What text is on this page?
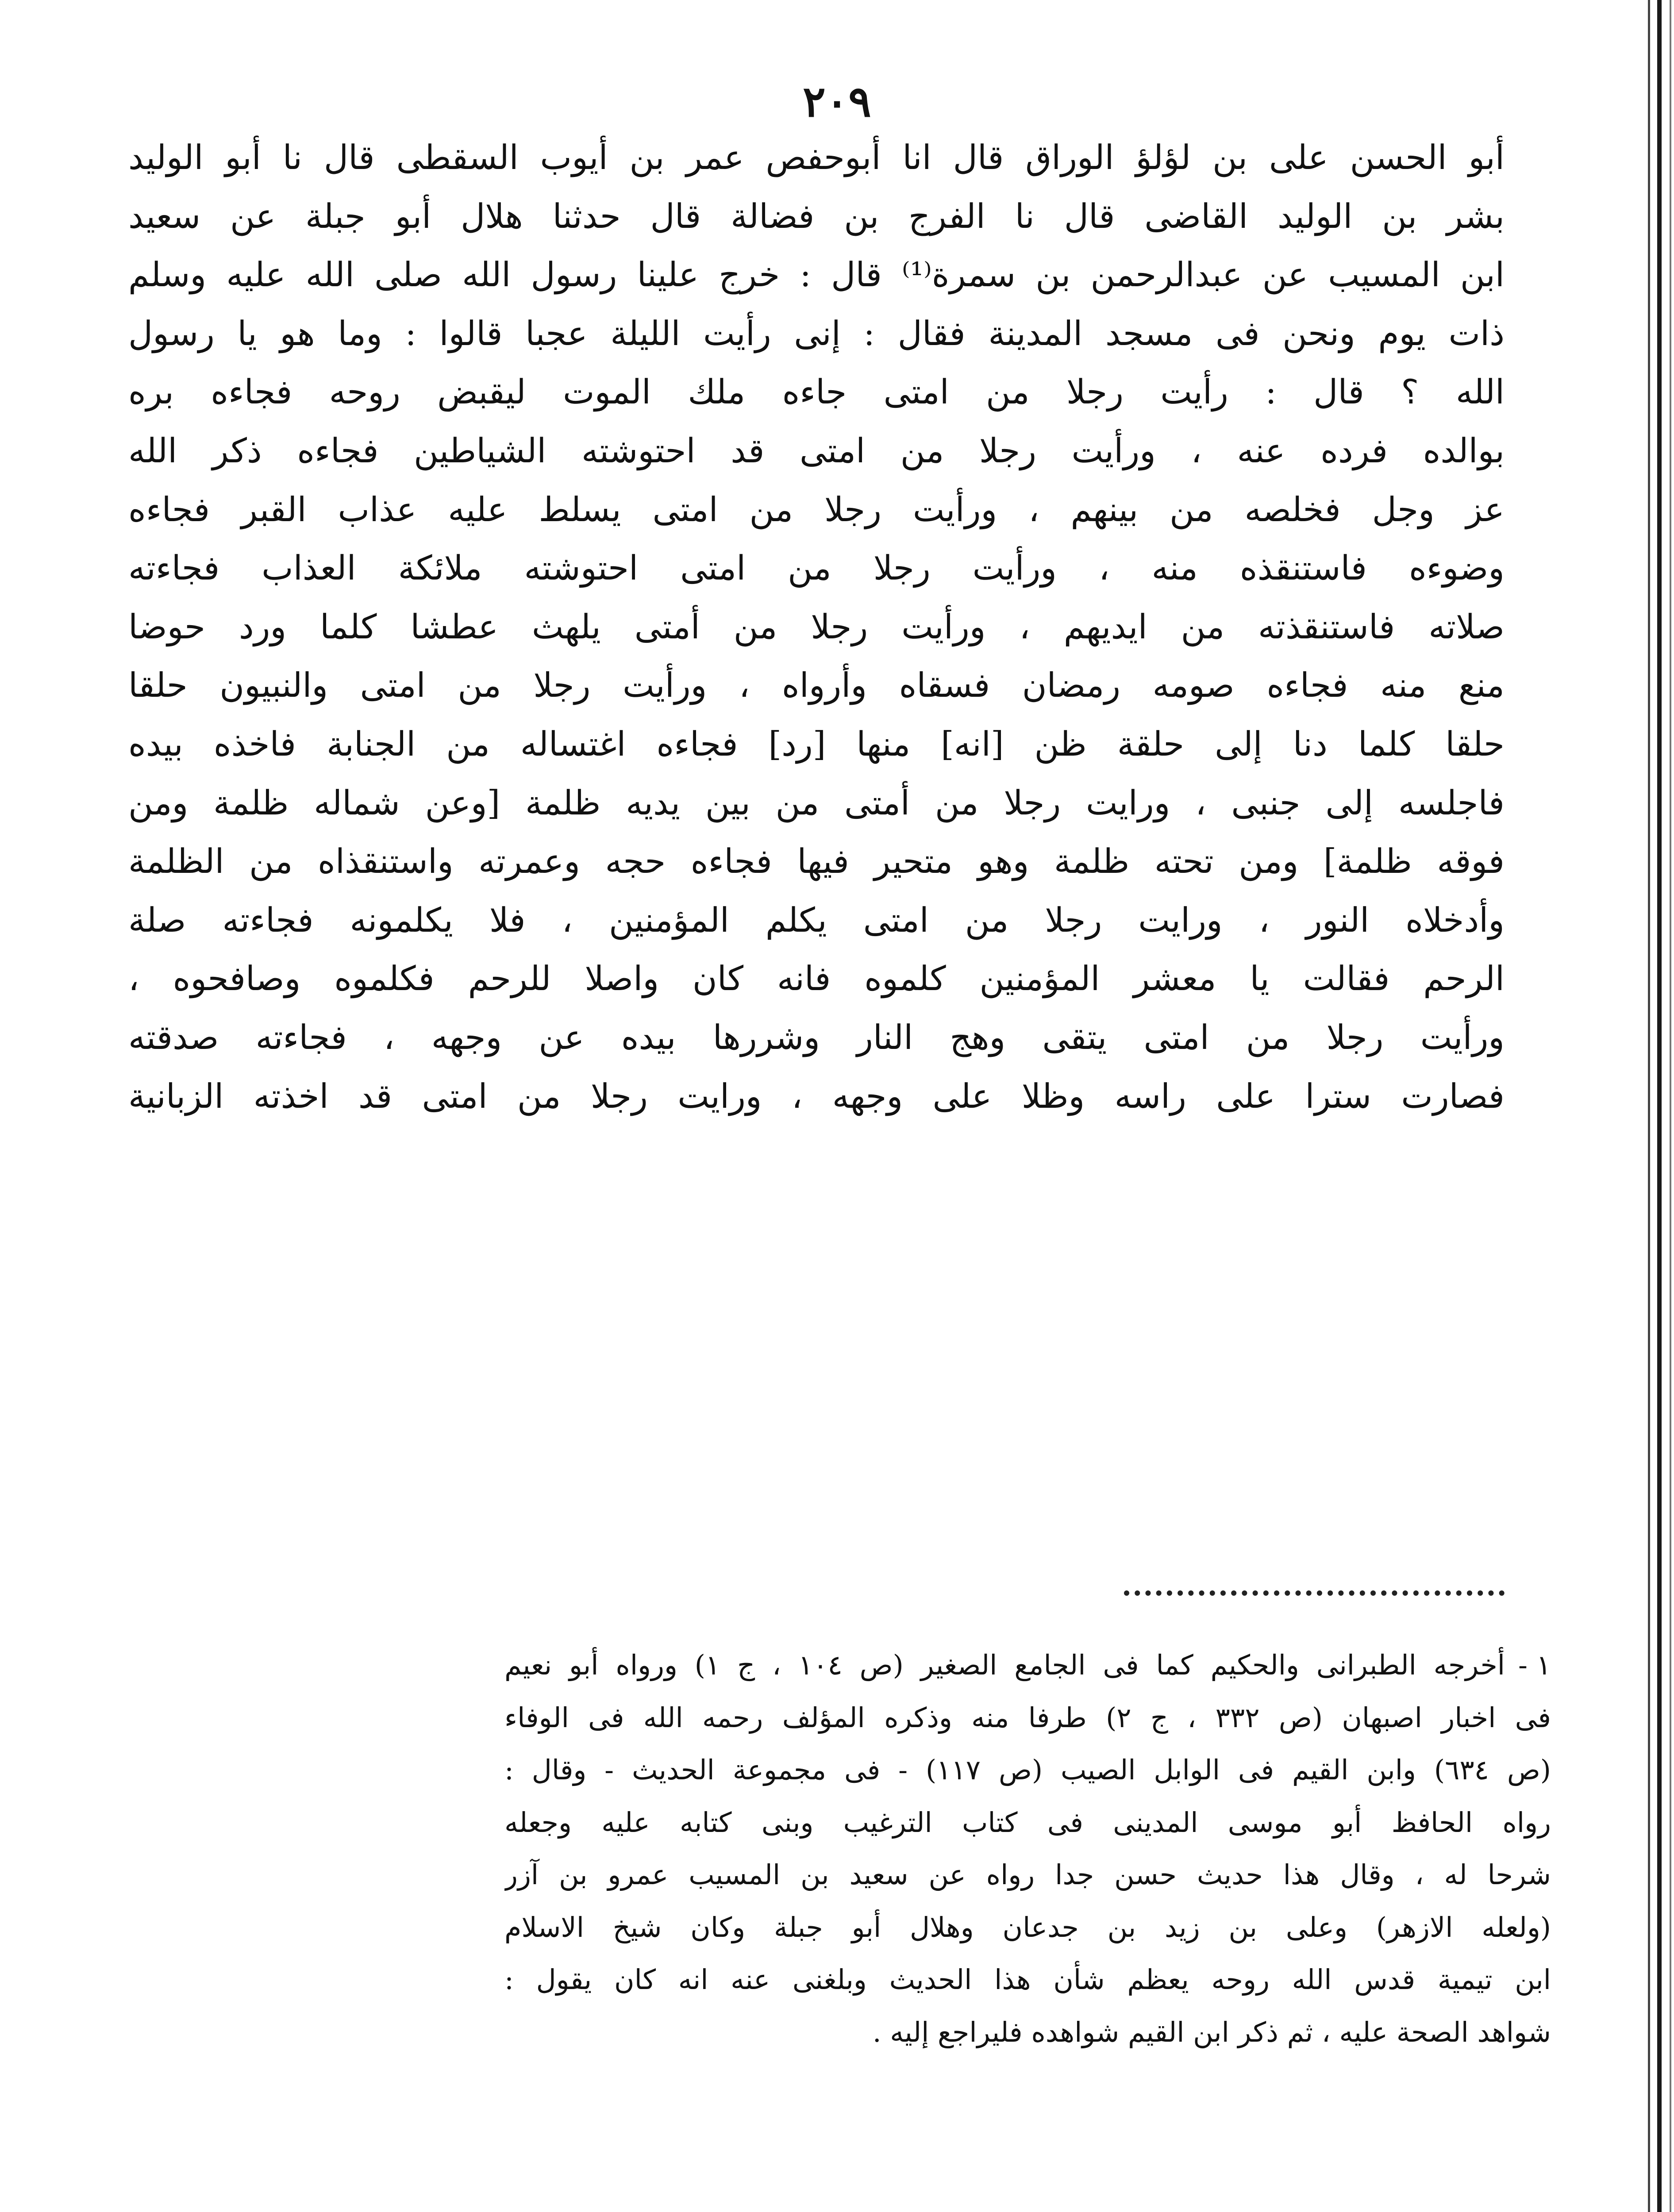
٢٠٩
أبو الحسن على بن لؤلؤ الوراق قال انا أبوحفص عمر بن أيوب السقطى قال نا أبو الوليد
بشر بن الوليد القاضى قال نا الفرج بن فضالة قال حدثنا هلال أبو جبلة عن سعيد
ابن المسيب عن عبدالرحمن بن سمرة⁽¹⁾ قال : خرج علينا رسول الله صلى الله عليه وسلم
ذات يوم ونحن فى مسجد المدينة فقال : إنى رأيت الليلة عجبا قالوا : وما هو يا رسول
الله ؟ قال : رأيت رجلا من امتى جاءه ملك الموت ليقبض روحه فجاءه بره
بوالده فرده عنه ، ورأيت رجلا من امتى قد احتوشته الشياطين فجاءه ذكر الله
عز وجل فخلصه من بينهم ، ورأيت رجلا من امتى يسلط عليه عذاب القبر فجاءه
وضوءه فاستنقذه منه ، ورأيت رجلا من امتى احتوشته ملائكة العذاب فجاءته
صلاته فاستنقذته من ايديهم ، ورأيت رجلا من أمتى يلهث عطشا كلما ورد حوضا
منع منه فجاءه صومه رمضان فسقاه وأرواه ، ورأيت رجلا من امتى والنبيون حلقا
حلقا كلما دنا إلى حلقة ظن [انه] منها [رد] فجاءه اغتساله من الجنابة فاخذه بيده
فاجلسه إلى جنبى ، ورايت رجلا من أمتى من بين يديه ظلمة [وعن شماله ظلمة ومن
فوقه ظلمة] ومن تحته ظلمة وهو متحير فيها فجاءه حجه وعمرته واستنقذاه من الظلمة
وأدخلاه النور ، ورايت رجلا من امتى يكلم المؤمنين ، فلا يكلمونه فجاءته صلة
الرحم فقالت يا معشر المؤمنين كلموه فانه كان واصلا للرحم فكلموه وصافحوه ،
ورأيت رجلا من امتى يتقى وهج النار وشررها بيده عن وجهه ، فجاءته صدقته
فصارت سترا على راسه وظلا على وجهه ، ورايت رجلا من امتى قد اخذته الزبانية
١ -أخرجه الطبرانى والحكيم كما فى الجامع الصغير (ص ١٠٤ ، ج ١) ورواه أبو نعيم
فى اخبار اصبهان (ص ٣٣٢ ، ج ٢) طرفا منه وذكره المؤلف رحمه الله فى الوفاء
(ص ٦٣٤) وابن القيم فى الوابل الصيب (ص ١١٧) - فى مجموعة الحديث - وقال :
رواه الحافظ أبو موسى المدينى فى كتاب الترغيب وبنى كتابه عليه وجعله
شرحا له ، وقال هذا حديث حسن جدا رواه عن سعيد بن المسيب عمرو بن آزر
(ولعله الازهر) وعلى بن زيد بن جدعان وهلال أبو جبلة وكان شيخ الاسلام
ابن تيمية قدس الله روحه يعظم شأن هذا الحديث وبلغنى عنه انه كان يقول :
شواهد الصحة عليه ، ثم ذكر ابن القيم شواهده فليراجع إليه .
